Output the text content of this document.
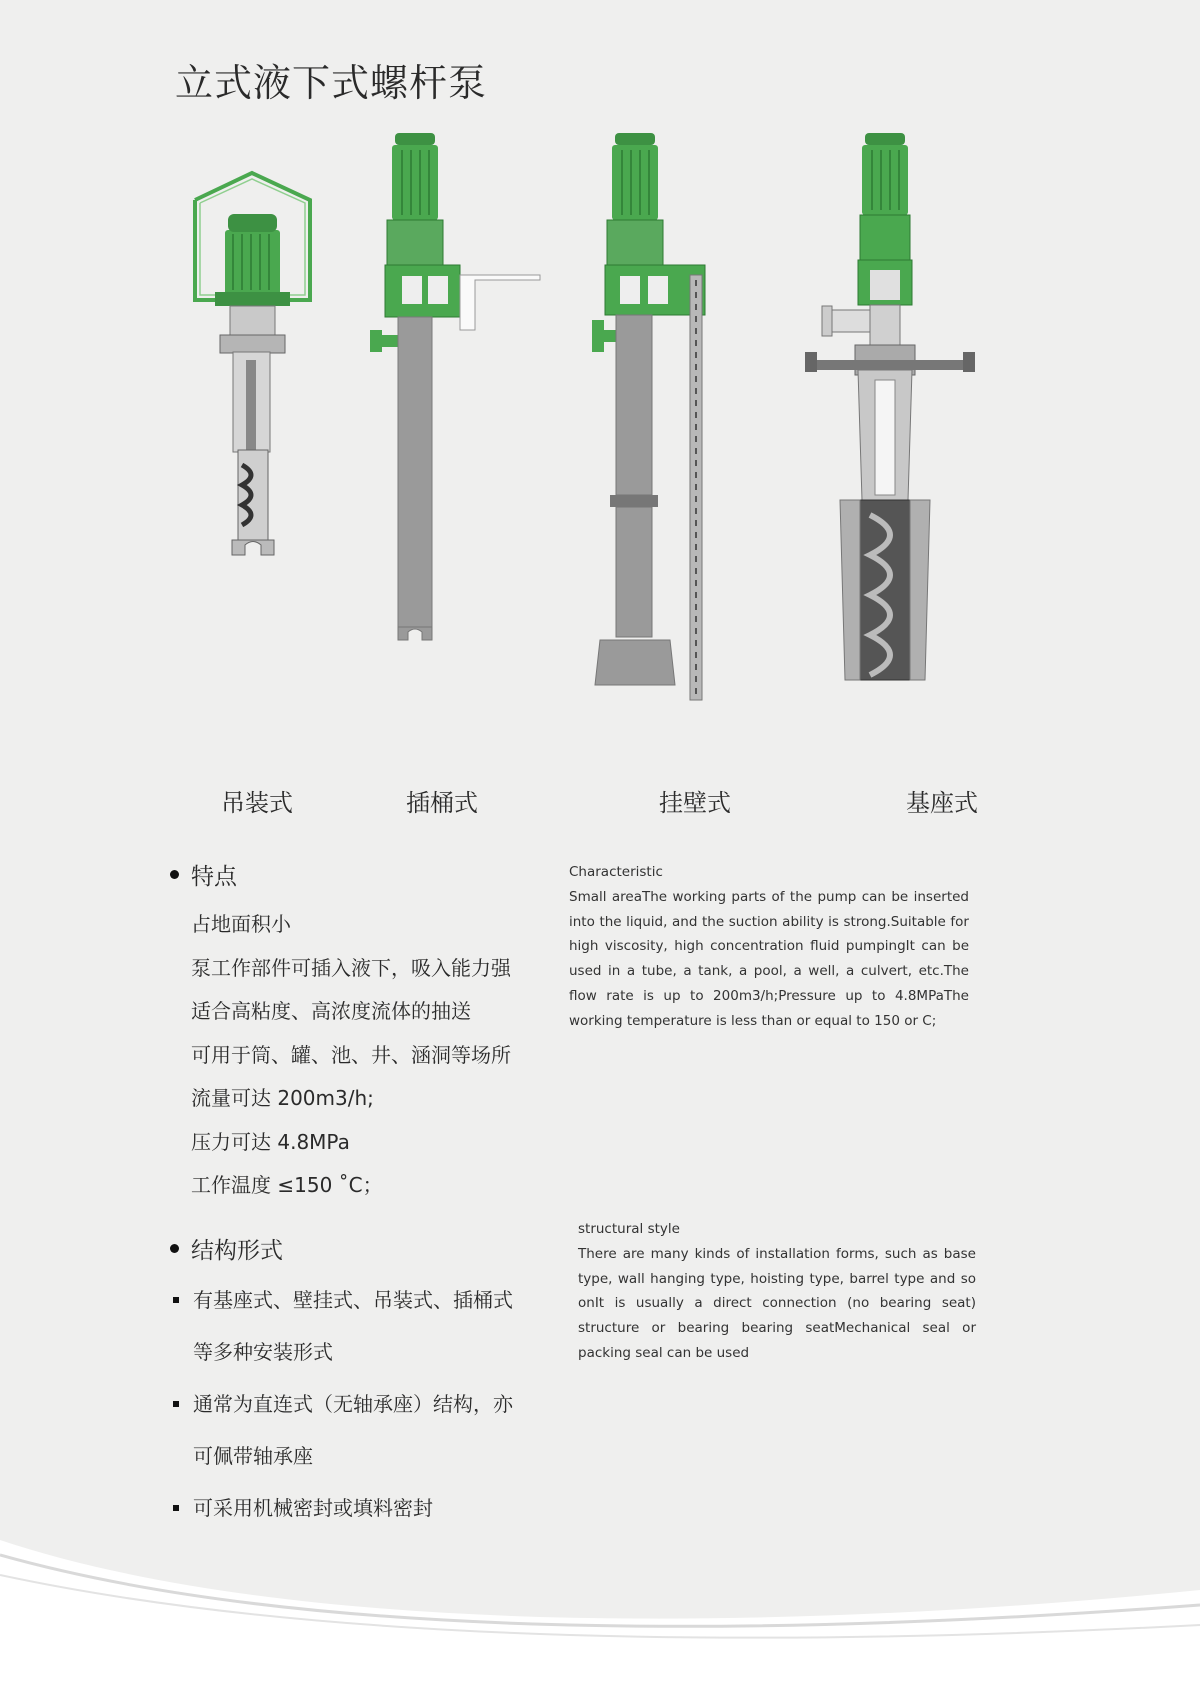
立式液下式螺杆泵
吊装式	插桶式	挂壁式	基座式
特点
占地面积小
泵工作部件可插入液下，吸入能力强
适合高粘度、高浓度流体的抽送
可用于筒、罐、池、井、涵洞等场所
流量可达 200m3/h;
压力可达 4.8MPa
工作温度 ≤150 ˚C；
结构形式
有基座式、壁挂式、吊装式、插桶式
等多种安装形式
通常为直连式（无轴承座）结构，亦
可佩带轴承座
可采用机械密封或填料密封
Characteristic

Small areaThe working parts of the pump can be inserted into the liquid, and the suction ability is strong.Suitable for high viscosity, high concentration fluid pumpingIt can be used in a tube, a tank, a pool, a well, a culvert, etc.The flow rate is up to 200m3/h;Pressure up to 4.8MPaThe working temperature is less than or equal to 150 or C;

structural style

There are many kinds of installation forms, such as base type, wall hanging type, hoisting type, barrel type and so onIt is usually a direct connection (no bearing seat) structure or bearing bearing seatMechanical seal or packing seal can be used
